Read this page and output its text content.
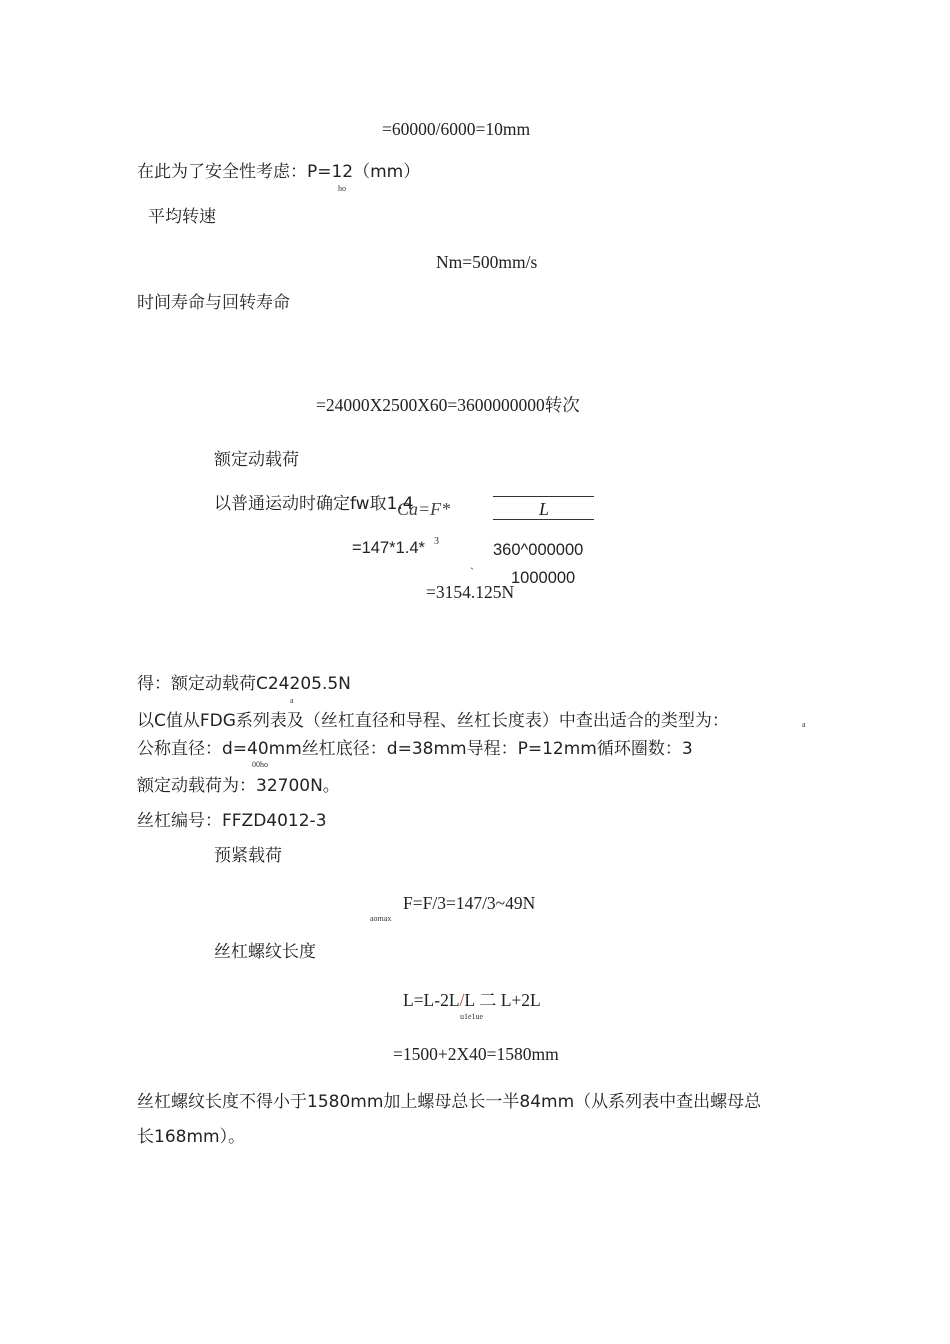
=60000/6000=10mm
在此为了安全性考虑：P=12（mm）
ho
平均转速
Nm=500mm/s
时间寿命与回转寿命
=24000X2500X60=3600000000转次
额定动载荷
以普通运动时确定fw取1.4
Ca=F*	L
=147*1.4* 3	360^000000
` 1000000
=3154.125N
得：额定动载荷C24205.5N
a
以C值从FDG系列表及（丝杠直径和导程、丝杠长度表）中查出适合的类型为：	a
公称直径：d=40mm丝杠底径：d=38mm导程：P=12mm循环圈数：3
00ho
额定动载荷为：32700N。
丝杠编号：FFZD4012-3
预紧载荷
F=F/3=147/3~49N
aomax
丝杠螺纹长度
L=L-2L/L 二 L+2L
u1e1ue
=1500+2X40=1580mm
丝杠螺纹长度不得小于1580mm加上螺母总长一半84mm（从系列表中查出螺母总
长168mm）。
